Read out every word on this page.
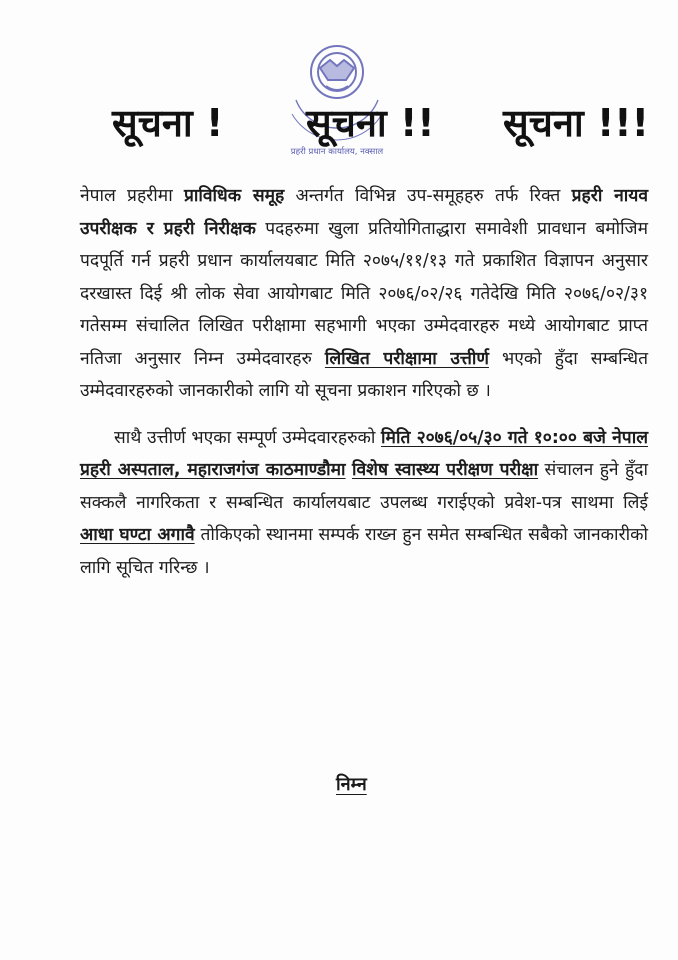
प्रहरी प्रधान कार्यालय, नक्साल
सूचना ! सूचना !! सूचना !!!

नेपाल प्रहरीमा प्राविधिक समूह अन्तर्गत विभिन्न उप-समूहहरु तर्फ रिक्त प्रहरी नायव उपरीक्षक र प्रहरी निरीक्षक पदहरुमा खुला प्रतियोगिताद्धारा समावेशी प्रावधान बमोजिम पदपूर्ति गर्न प्रहरी प्रधान कार्यालयबाट मिति २०७५/११/१३ गते प्रकाशित विज्ञापन अनुसार दरखास्त दिई श्री लोक सेवा आयोगबाट मिति २०७६/०२/२६ गतेदेखि मिति २०७६/०२/३१ गतेसम्म संचालित लिखित परीक्षामा सहभागी भएका उम्मेदवारहरु मध्ये आयोगबाट प्राप्त नतिजा अनुसार निम्न उम्मेदवारहरु लिखित परीक्षामा उत्तीर्ण भएको हुँदा सम्बन्धित उम्मेदवारहरुको जानकारीको लागि यो सूचना प्रकाशन गरिएको छ ।

साथै उत्तीर्ण भएका सम्पूर्ण उम्मेदवारहरुको मिति २०७६/०५/३० गते १०:०० बजे नेपाल प्रहरी अस्पताल, महाराजगंज काठमाण्डौमा विशेष स्वास्थ्य परीक्षण परीक्षा संचालन हुने हुँदा सक्कलै नागरिकता र सम्बन्धित कार्यालयबाट उपलब्ध गराईएको प्रवेश-पत्र साथमा लिई आधा घण्टा अगावै तोकिएको स्थानमा सम्पर्क राख्न हुन समेत सम्बन्धित सबैको जानकारीको लागि सूचित गरिन्छ ।

निम्न
